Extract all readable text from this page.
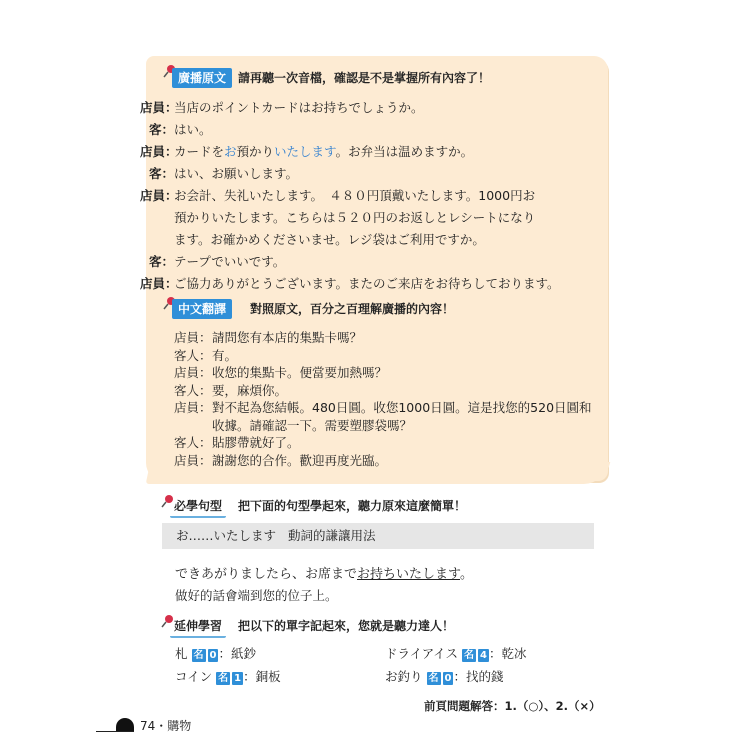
廣播原文 請再聽一次音檔，確認是不是掌握所有內容了！
店員：当店のポイントカードはお持ちでしょうか。
客：はい。
店員：カードをお預かりいたします。お弁当は温めますか。
客：はい、お願いします。
店員：お会計、失礼いたします。　４８０円頂戴いたします。1000円お
預かりいたします。こちらは５２０円のお返しとレシートになり
ます。お確かめくださいませ。レジ袋はご利用ですか。
客：テープでいいです。
店員：ご協力ありがとうございます。またのご来店をお待ちしております。
中文翻譯	對照原文，百分之百理解廣播的內容！
店員：請問您有本店的集點卡嗎？
客人：有。
店員：收您的集點卡。便當要加熱嗎？
客人：要，麻煩你。
店員：對不起為您結帳。480日圓。收您1000日圓。這是找您的520日圓和
收據。請確認一下。需要塑膠袋嗎？
客人：貼膠帶就好了。
店員：謝謝您的合作。歡迎再度光臨。
必學句型	把下面的句型學起來，聽力原來這麼簡單！
お……いたします 動詞的謙讓用法
できあがりましたら、お席までお持ちいたします。
做好的話會端到您的位子上。
延伸學習	把以下的單字記起來，您就是聽力達人！
札 名 0 ：紙鈔	ドライアイス 名 4 ：乾冰
コイン 名 1 ：銅板	お釣り 名 0 ：找的錢
前頁問題解答：1.（○）、2.（×）
74・購物
